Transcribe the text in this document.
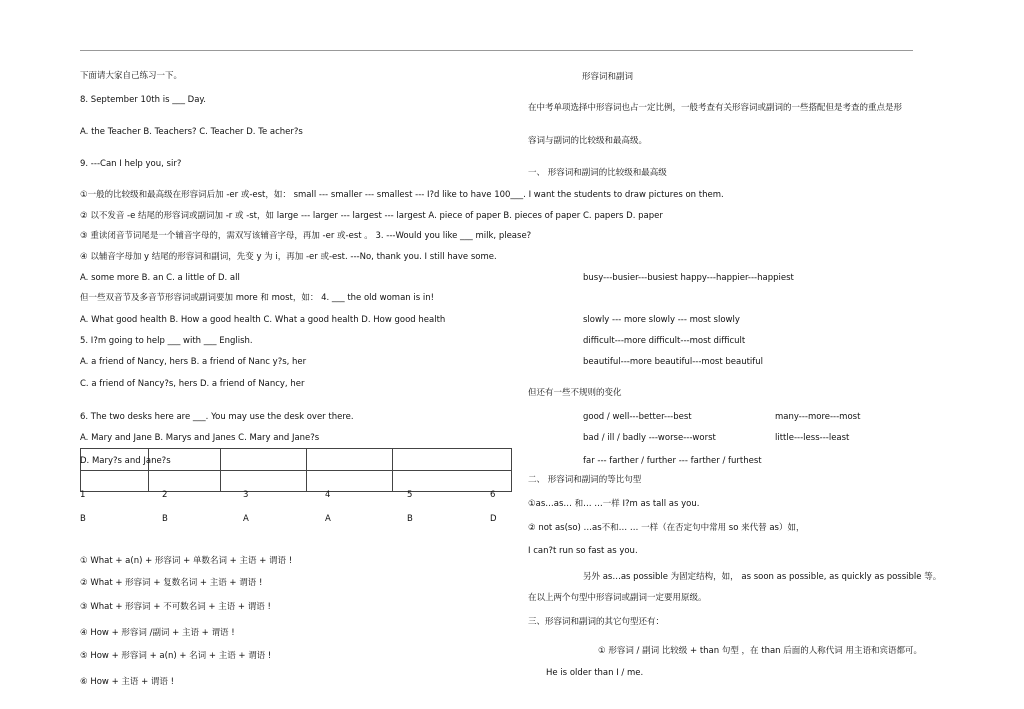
下面请大家自己练习一下。
8. September 10th is ___ Day.
A. the Teacher B. Teachers? C. Teacher D. Te acher?s
9. ---Can I help you, sir?
①一般的比较级和最高级在形容词后加 -er 或-est，如： small --- smaller --- smallest --- I?d like to have 100___. I want the students to draw pictures on them.
② 以不发音 -e 结尾的形容词或副词加 -r 或 -st，如 large --- larger --- largest --- largest A. piece of paper B. pieces of paper C. papers D. paper
③ 重读闭音节词尾是一个辅音字母的，需双写该辅音字母，再加 -er 或-est 。 3. ---Would you like ___ milk, please?
④ 以辅音字母加 y 结尾的形容词和副词，先变 y 为 i，再加 -er 或-est. ---No, thank you. I still have some.
A. some more B. an C. a little of D. all
但一些双音节及多音节形容词或副词要加 more 和 most，如： 4. ___ the old woman is in!
A. What good health B. How a good health C. What a good health D. How good health
5. I?m going to help ___ with ___ English.
A. a friend of Nancy, hers B. a friend of Nanc y?s, her
C. a friend of Nancy?s, hers D. a friend of Nancy, her
6. The two desks here are ___. You may use the desk over there.
A. Mary and Jane B. Marys and Janes C. Mary and Jane?s
D. Mary?s and Jane?s
1	2	3	4	5	6
B	B	A	A	B	D
① What + a(n) + 形容词 + 单数名词 + 主语 + 谓语 !
② What + 形容词 + 复数名词 + 主语 + 谓语 !
③ What + 形容词 + 不可数名词 + 主语 + 谓语 !
④ How + 形容词 /副词 + 主语 + 谓语 !
⑤ How + 形容词 + a(n) + 名词 + 主语 + 谓语 !
⑥ How + 主语 + 谓语 !
形容词和副词
在中考单项选择中形容词也占一定比例，一般考查有关形容词或副词的一些搭配但是考查的重点是形
容词与副词的比较级和最高级。
一、 形容词和副词的比较级和最高级
busy---busier---busiest happy---happier---happiest
slowly --- more slowly --- most slowly
difficult---more difficult---most difficult
beautiful---more beautiful---most beautiful
但还有一些不规则的变化
good / well---better---best	many---more---most
bad / ill / badly ---worse---worst	little---less---least
far --- farther / further --- farther / furthest
二、 形容词和副词的等比句型
①as…as… 和… …一样 I?m as tall as you.
② not as(so) …as不和… … 一样（在否定句中常用 so 来代替 as）如，
I can?t run so fast as you.
另外 as…as possible 为固定结构，如， as soon as possible, as quickly as possible 等。
在以上两个句型中形容词或副词一定要用原级。
三、形容词和副词的其它句型还有：
① 形容词 / 副词 比较级 + than 句型 ，在 than 后面的人称代词 用主语和宾语都可。
He is older than I / me.
